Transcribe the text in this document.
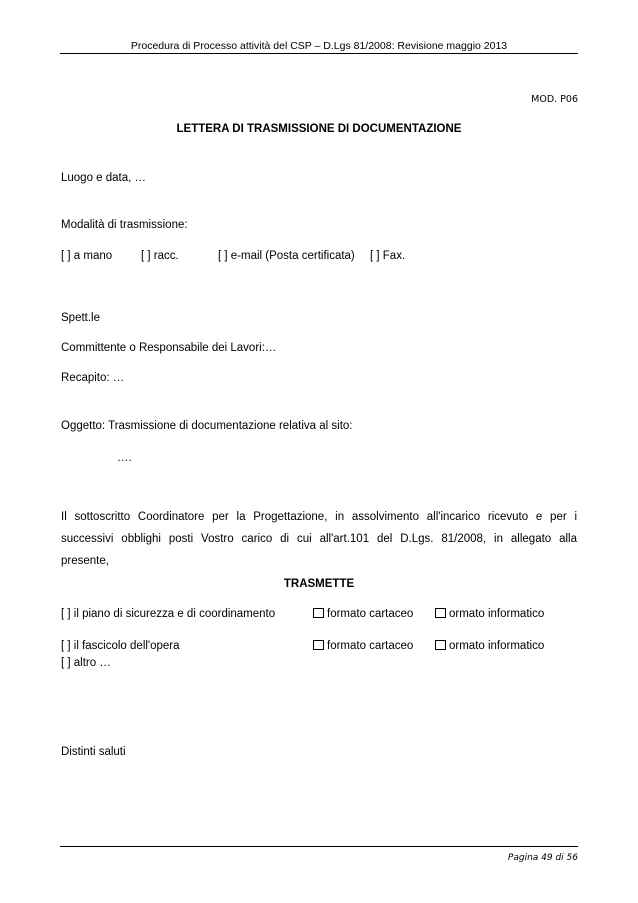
Procedura di Processo attività del CSP – D.Lgs 81/2008: Revisione maggio 2013
MOD. P06
LETTERA DI TRASMISSIONE DI DOCUMENTAZIONE
Luogo e data, …
Modalità di trasmissione:
[ ] a mano	[ ] racc.	[ ] e-mail (Posta certificata) [ ] Fax.
Spett.le
Committente o Responsabile dei Lavori:…
Recapito: …
Oggetto: Trasmissione di documentazione relativa al sito:
….
Il sottoscritto Coordinatore per la Progettazione, in assolvimento all'incarico ricevuto e per i
successivi obblighi posti Vostro carico di cui all'art.101 del D.Lgs. 81/2008, in allegato alla
presente,
TRASMETTE
[ ] il piano di sicurezza e di coordinamento	formato cartaceo	ormato informatico
[ ] il fascicolo dell'opera	formato cartaceo	ormato informatico
[ ] altro …
Distinti saluti
Pagina 49 di 56
